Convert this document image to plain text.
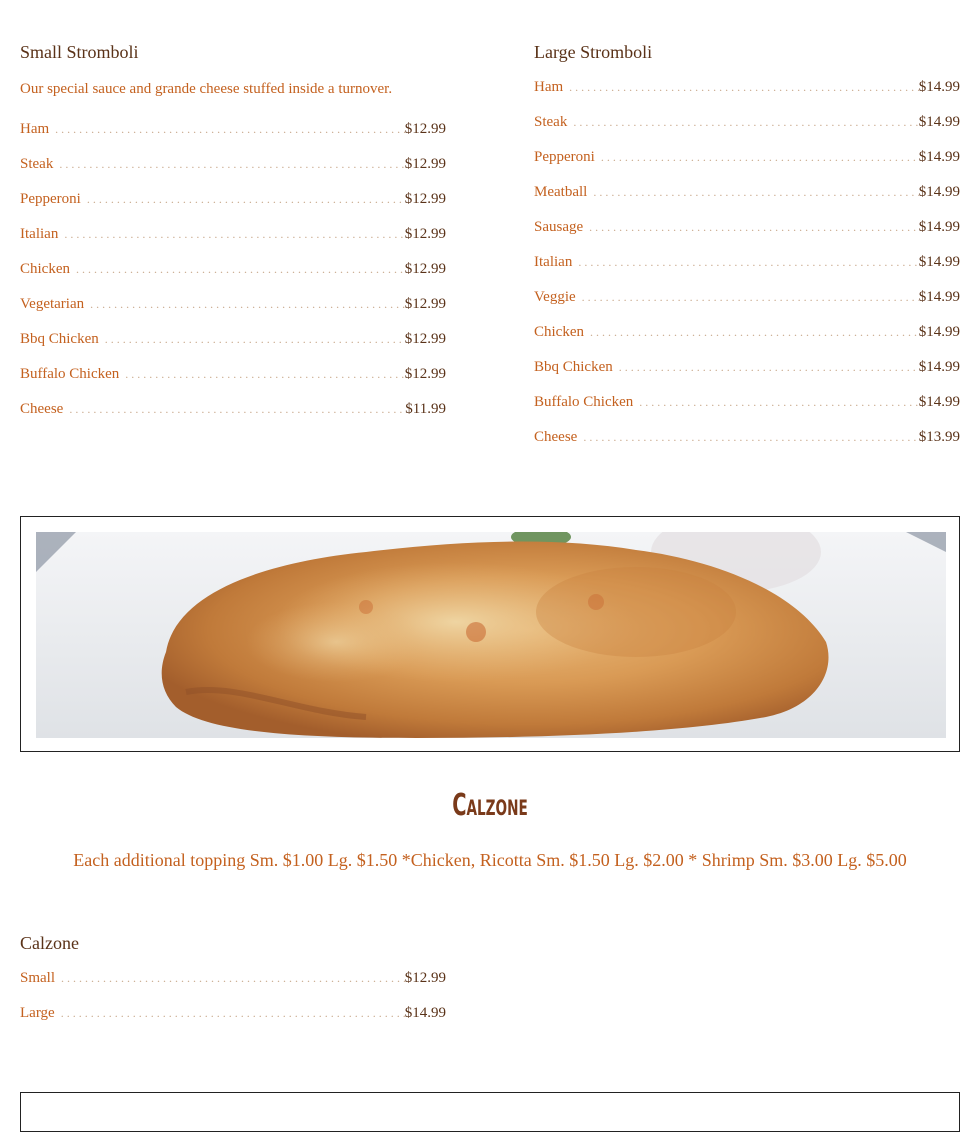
Small Stromboli
Our special sauce and grande cheese stuffed inside a turnover.
Ham . . .	$12.99
Steak . . .	$12.99
Pepperoni . . .	$12.99
Italian . . .	$12.99
Chicken . . .	$12.99
Vegetarian . . .	$12.99
Bbq Chicken . . .	$12.99
Buffalo Chicken . . .	$12.99
Cheese . . .	$11.99
Large Stromboli
Ham . . .	$14.99
Steak . . .	$14.99
Pepperoni . . .	$14.99
Meatball . . .	$14.99
Sausage . . .	$14.99
Italian . . .	$14.99
Veggie . . .	$14.99
Chicken . . .	$14.99
Bbq Chicken . . .	$14.99
Buffalo Chicken . . .	$14.99
Cheese . . .	$13.99
Calzone
Each additional topping Sm. $1.00 Lg. $1.50 *Chicken, Ricotta Sm. $1.50 Lg. $2.00 * Shrimp Sm. $3.00 Lg. $5.00
Calzone
Small . . .	$12.99
Large . . .	$14.99
